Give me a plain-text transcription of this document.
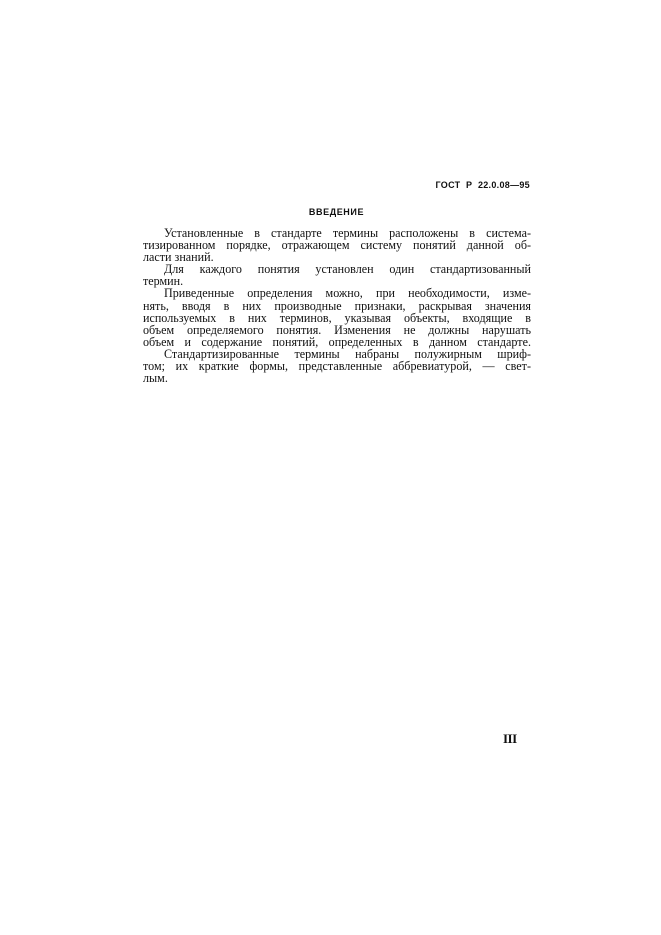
ГОСТ  Р  22.0.08—95
ВВЕДЕНИЕ
Установленные в стандарте термины расположены в системa-
тизированном порядке, отражающем систему понятий данной об-
ласти знаний.
Для каждого понятия установлен один стандартизованный
термин.
Приведенные определения можно, при необходимости, изме-
нять, вводя в них производные признаки, раскрывая значения
используемых в них терминов, указывая объекты, входящие в
объем определяемого понятия. Изменения не должны нарушать
объем и содержание понятий, определенных в данном стандарте.
Стандартизированные термины набраны полужирным шриф-
том; их краткие формы, представленные аббревиатурой, — свет-
лым.
III
